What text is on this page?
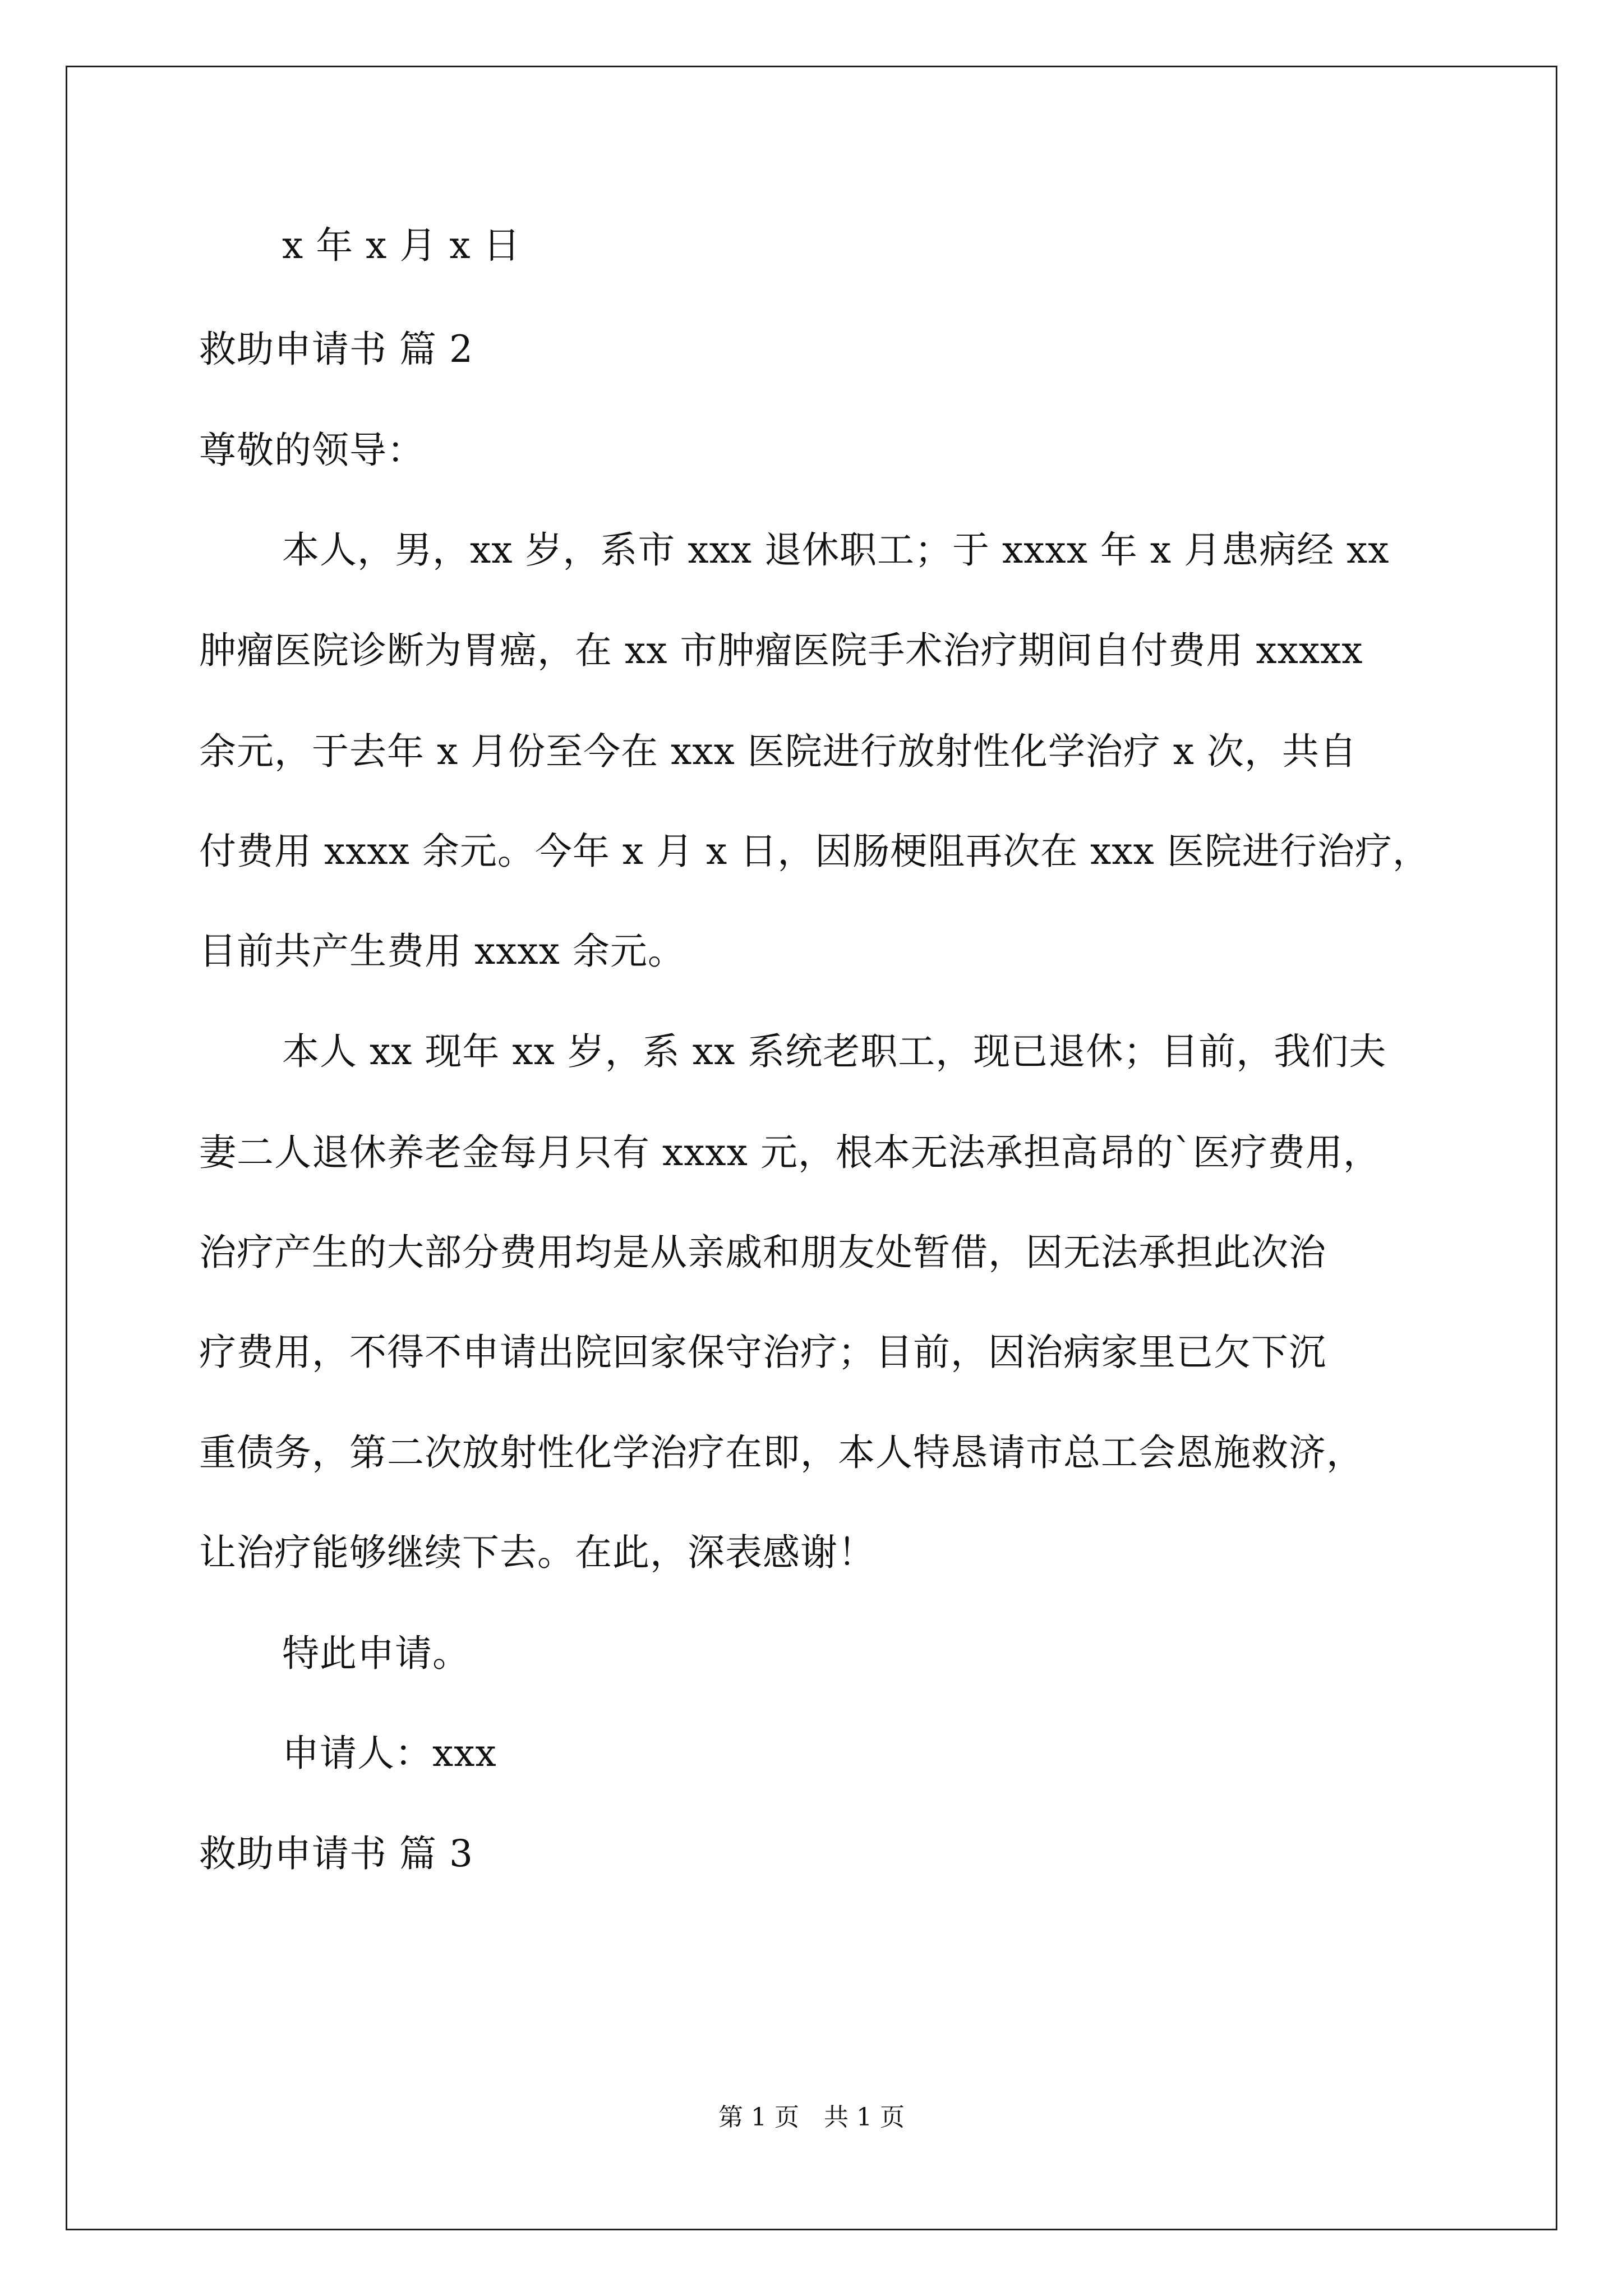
x 年 x 月 x 日
救助申请书 篇 2
尊敬的领导：
本人，男，xx 岁，系市 xxx 退休职工；于 xxxx 年 x 月患病经 xx
肿瘤医院诊断为胃癌，在 xx 市肿瘤医院手术治疗期间自付费用 xxxxx
余元，于去年 x 月份至今在 xxx 医院进行放射性化学治疗 x 次，共自
付费用 xxxx 余元。今年 x 月 x 日，因肠梗阻再次在 xxx 医院进行治疗，
目前共产生费用 xxxx 余元。
本人 xx 现年 xx 岁，系 xx 系统老职工，现已退休；目前，我们夫
妻二人退休养老金每月只有 xxxx 元，根本无法承担高昂的`医疗费用，
治疗产生的大部分费用均是从亲戚和朋友处暂借，因无法承担此次治
疗费用，不得不申请出院回家保守治疗；目前，因治病家里已欠下沉
重债务，第二次放射性化学治疗在即，本人特恳请市总工会恩施救济，
让治疗能够继续下去。在此，深表感谢！
特此申请。
申请人：xxx
救助申请书 篇 3
第 1 页 共 1 页
